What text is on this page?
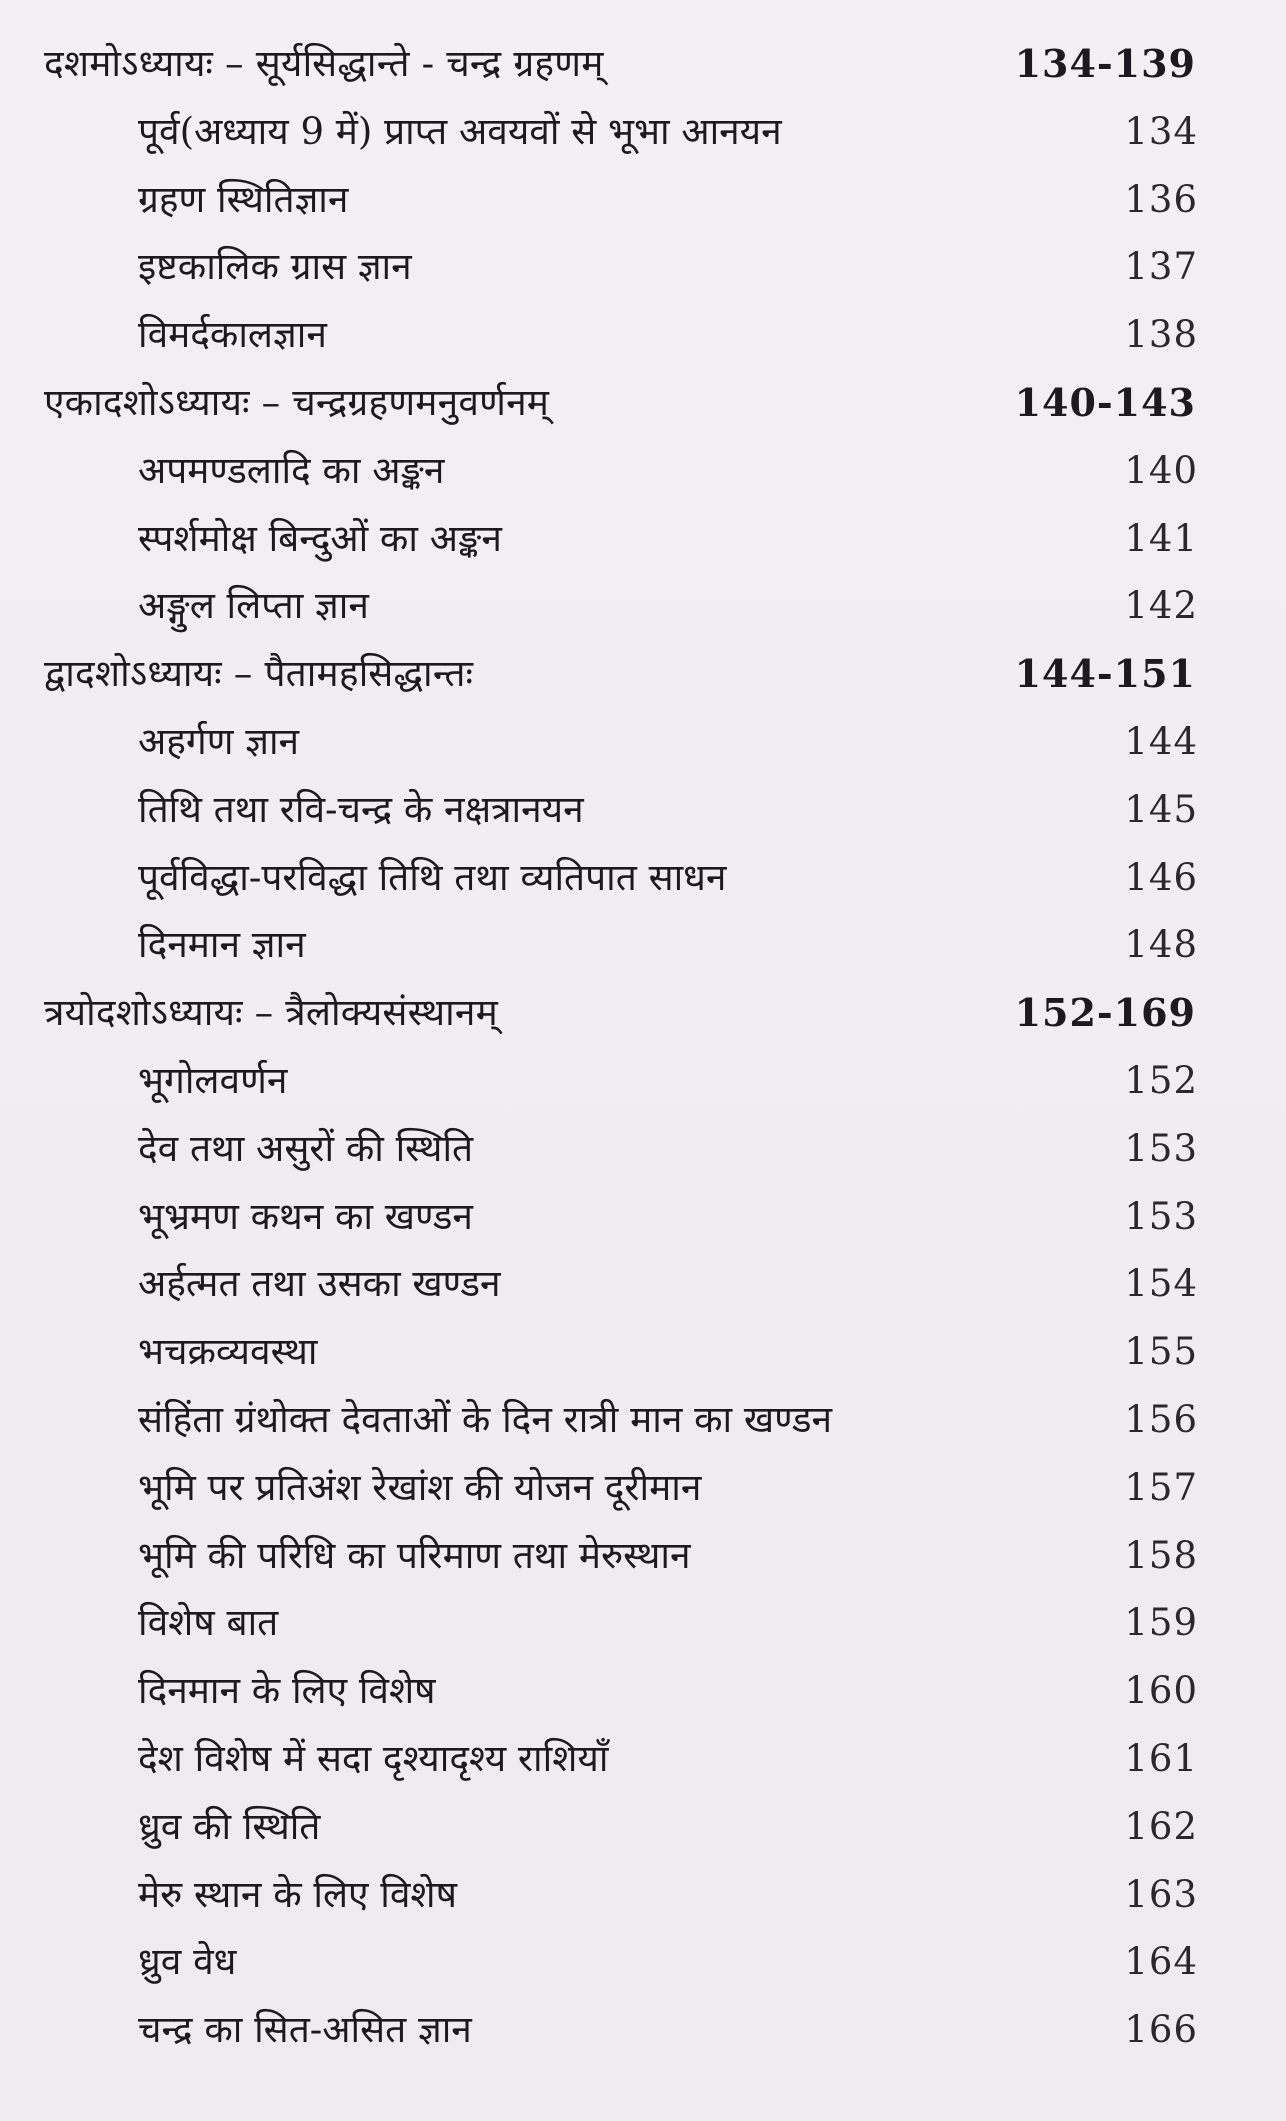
दशमोऽध्यायः – सूर्यसिद्धान्ते - चन्द्र ग्रहणम्	134-139
पूर्व(अध्याय 9 में) प्राप्त अवयवों से भूभा आनयन	134
ग्रहण स्थितिज्ञान	136
इष्टकालिक ग्रास ज्ञान	137
विमर्दकालज्ञान	138
एकादशोऽध्यायः – चन्द्रग्रहणमनुवर्णनम्	140-143
अपमण्डलादि का अङ्कन	140
स्पर्शमोक्ष बिन्दुओं का अङ्कन	141
अङ्गुल लिप्ता ज्ञान	142
द्वादशोऽध्यायः – पैतामहसिद्धान्तः	144-151
अहर्गण ज्ञान	144
तिथि तथा रवि-चन्द्र के नक्षत्रानयन	145
पूर्वविद्धा-परविद्धा तिथि तथा व्यतिपात साधन	146
दिनमान ज्ञान	148
त्रयोदशोऽध्यायः – त्रैलोक्यसंस्थानम्	152-169
भूगोलवर्णन	152
देव तथा असुरों की स्थिति	153
भूभ्रमण कथन का खण्डन	153
अर्हत्मत तथा उसका खण्डन	154
भचक्रव्यवस्था	155
संहिंता ग्रंथोक्त देवताओं के दिन रात्री मान का खण्डन	156
भूमि पर प्रतिअंश रेखांश की योजन दूरीमान	157
भूमि की परिधि का परिमाण तथा मेरुस्थान	158
विशेष बात	159
दिनमान के लिए विशेष	160
देश विशेष में सदा दृश्यादृश्य राशियाँ	161
ध्रुव की स्थिति	162
मेरु स्थान के लिए विशेष	163
ध्रुव वेध	164
चन्द्र का सित-असित ज्ञान	166
